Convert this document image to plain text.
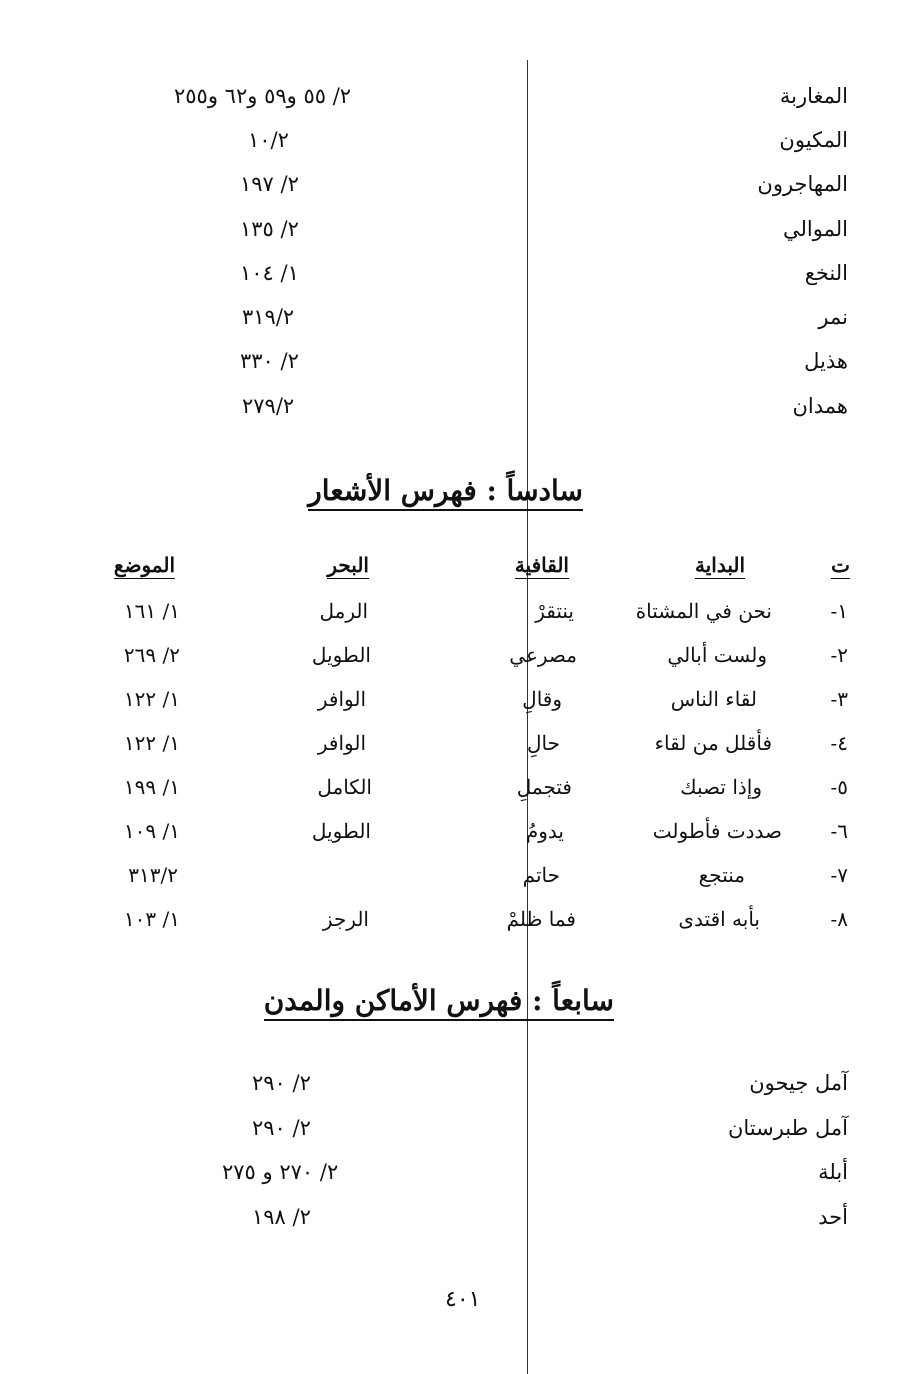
المغاربة
٢/ ٥٥ و٥٩ و٦٢ و٢٥٥
المكيون
١٠/٢
المهاجرون
٢/ ١٩٧
الموالي
٢/ ١٣٥
النخع
١/ ١٠٤
نمر
٣١٩/٢
هذيل
٢/ ٣٣٠
همدان
٢٧٩/٢
سادساً : فهرس الأشعار
ت
البداية
القافية
البحر
الموضع
١-
نحن في المشتاة
ينتقرْ
الرمل
١/ ١٦١
٢-
ولست أبالي
مصرعي
الطويل
٢/ ٢٦٩
٣-
لقاء الناس
وقالِ
الوافر
١/ ١٢٢
٤-
فأقلل من لقاء
حالِ
الوافر
١/ ١٢٢
٥-
وإذا تصبك
فتجملِ
الكامل
١/ ١٩٩
٦-
صددت فأطولت
يدومُ
الطويل
١/ ١٠٩
٧-
منتجع
حاتم
٣١٣/٢
٨-
بأبه اقتدى
فما ظلمْ
الرجز
١/ ١٠٣
سابعاً : فهرس الأماكن والمدن
آمل جيحون
٢/ ٢٩٠
آمل طبرستان
٢/ ٢٩٠
أبلة
٢/ ٢٧٠ و ٢٧٥
أحد
٢/ ١٩٨
٤٠١
